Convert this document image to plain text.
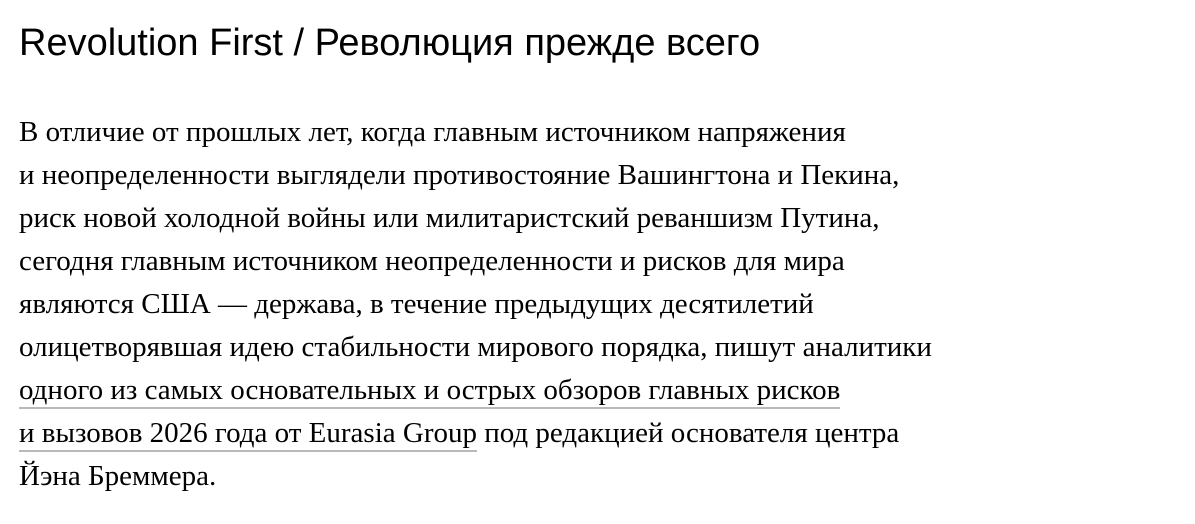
Revolution First / Революция прежде всего
В отличие от прошлых лет, когда главным источником напряжения
и неопределенности выглядели противостояние Вашингтона и Пекина,
риск новой холодной войны или милитаристский реваншизм Путина,
сегодня главным источником неопределенности и рисков для мира
являются США — держава, в течение предыдущих десятилетий
олицетворявшая идею стабильности мирового порядка, пишут аналитики
одного из самых основательных и острых обзоров главных рисков
и вызовов 2026 года от Eurasia Group под редакцией основателя центра
Йэна Бреммера.
